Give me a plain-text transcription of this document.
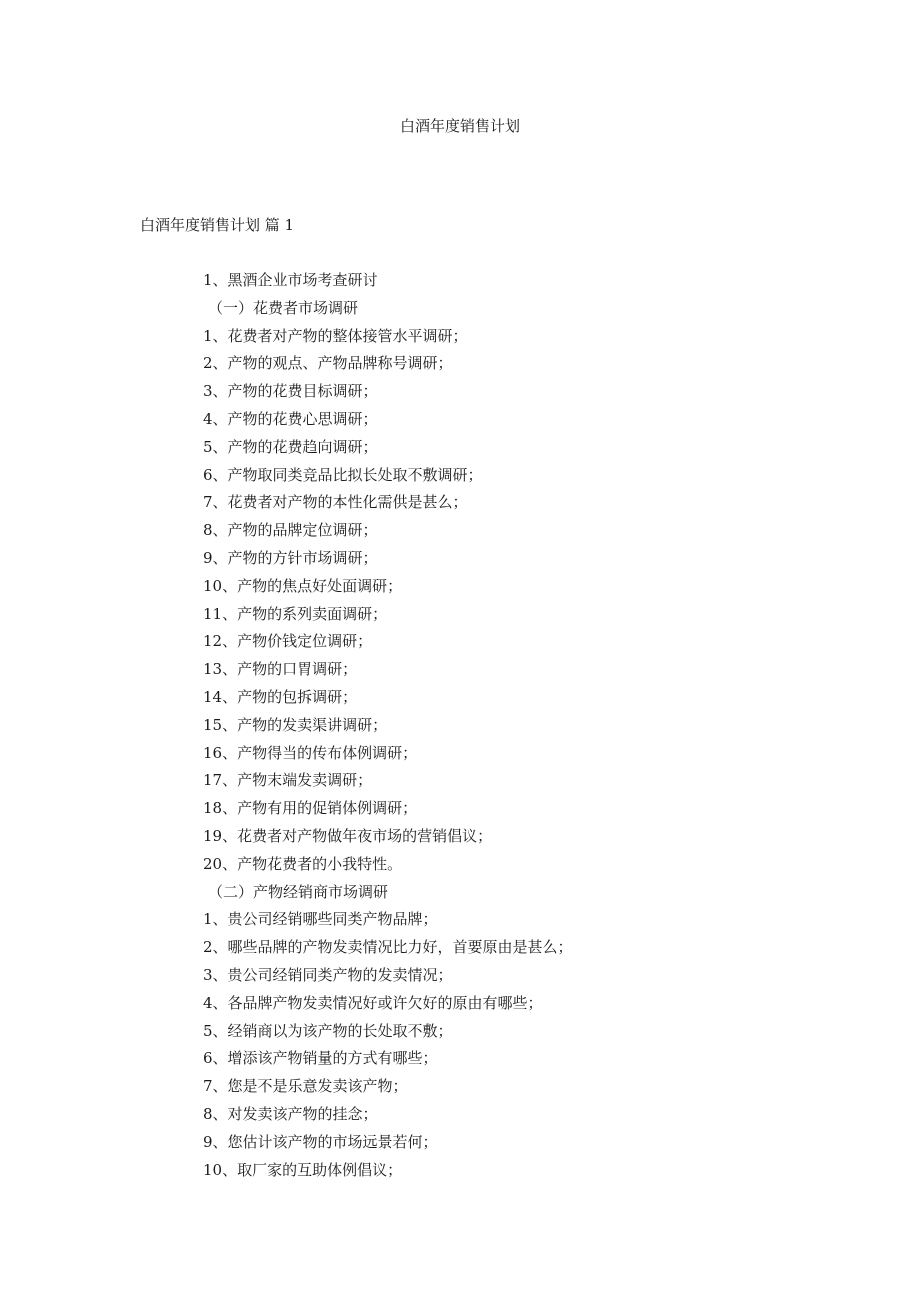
白酒年度销售计划
白酒年度销售计划 篇 1
1、黑酒企业市场考查研讨
（一）花费者市场调研
1、花费者对产物的整体接管水平调研；
2、产物的观点、产物品牌称号调研；
3、产物的花费目标调研；
4、产物的花费心思调研；
5、产物的花费趋向调研；
6、产物取同类竞品比拟长处取不敷调研；
7、花费者对产物的本性化需供是甚么；
8、产物的品牌定位调研；
9、产物的方针市场调研；
10、产物的焦点好处面调研；
11、产物的系列卖面调研；
12、产物价钱定位调研；
13、产物的口胃调研；
14、产物的包拆调研；
15、产物的发卖渠讲调研；
16、产物得当的传布体例调研；
17、产物末端发卖调研；
18、产物有用的促销体例调研；
19、花费者对产物做年夜市场的营销倡议；
20、产物花费者的小我特性。
（二）产物经销商市场调研
1、贵公司经销哪些同类产物品牌；
2、哪些品牌的产物发卖情况比力好，首要原由是甚么；
3、贵公司经销同类产物的发卖情况；
4、各品牌产物发卖情况好或许欠好的原由有哪些；
5、经销商以为该产物的长处取不敷；
6、增添该产物销量的方式有哪些；
7、您是不是乐意发卖该产物；
8、对发卖该产物的挂念；
9、您估计该产物的市场远景若何；
10、取厂家的互助体例倡议；
